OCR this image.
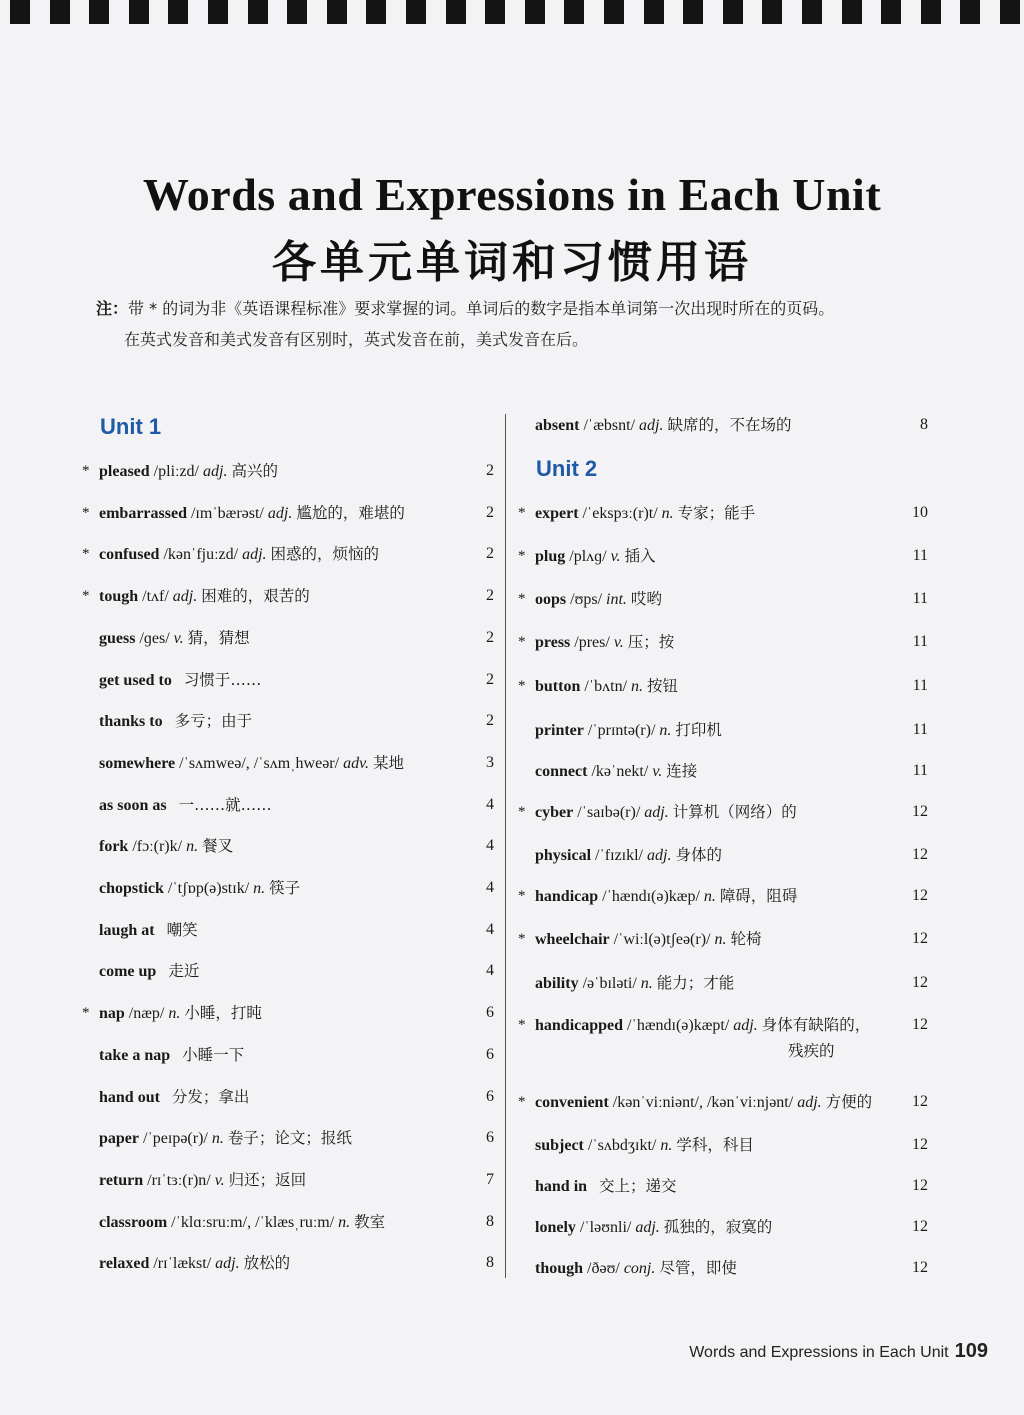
Words and Expressions in Each Unit
各单元单词和习惯用语
注：带 * 的词为非《英语课程标准》要求掌握的词。单词后的数字是指本单词第一次出现时所在的页码。
在英式发音和美式发音有区别时，英式发音在前，美式发音在后。
Unit 1
* pleased /pliːzd/ adj. 高兴的	2
* embarrassed /ɪmˈbærəst/ adj. 尴尬的，难堪的	2
* confused /kənˈfjuːzd/ adj. 困惑的，烦恼的	2
* tough /tʌf/ adj. 困难的，艰苦的	2
guess /ɡes/ v. 猜，猜想	2
get used to 习惯于……	2
thanks to 多亏；由于	2
somewhere /ˈsʌmweə/, /ˈsʌmˌhweər/ adv. 某地	3
as soon as 一……就……	4
fork /fɔː(r)k/ n. 餐叉	4
chopstick /ˈtʃɒp(ə)stɪk/ n. 筷子	4
laugh at 嘲笑	4
come up 走近	4
* nap /næp/ n. 小睡，打盹	6
take a nap 小睡一下	6
hand out 分发；拿出	6
paper /ˈpeɪpə(r)/ n. 卷子；论文；报纸	6
return /rɪˈtɜː(r)n/ v. 归还；返回	7
classroom /ˈklɑːsruːm/, /ˈklæsˌruːm/ n. 教室	8
relaxed /rɪˈlækst/ adj. 放松的	8
absent /ˈæbsnt/ adj. 缺席的，不在场的	8
Unit 2
* expert /ˈekspɜː(r)t/ n. 专家；能手	10
* plug /plʌɡ/ v. 插入	11
* oops /ʊps/ int. 哎哟	11
* press /pres/ v. 压；按	11
* button /ˈbʌtn/ n. 按钮	11
printer /ˈprɪntə(r)/ n. 打印机	11
connect /kəˈnekt/ v. 连接	11
* cyber /ˈsaɪbə(r)/ adj. 计算机（网络）的	12
physical /ˈfɪzɪkl/ adj. 身体的	12
* handicap /ˈhændɪ(ə)kæp/ n. 障碍，阻碍	12
* wheelchair /ˈwiːl(ə)tʃeə(r)/ n. 轮椅	12
ability /əˈbɪləti/ n. 能力；才能	12
* handicapped /ˈhændɪ(ə)kæpt/ adj. 身体有缺陷的，	12
残疾的
* convenient /kənˈviːniənt/, /kənˈviːnjənt/ adj. 方便的 12
subject /ˈsʌbdʒɪkt/ n. 学科，科目	12
hand in 交上；递交	12
lonely /ˈləʊnli/ adj. 孤独的，寂寞的	12
though /ðəʊ/ conj. 尽管，即使	12
Words and Expressions in Each Unit 109
